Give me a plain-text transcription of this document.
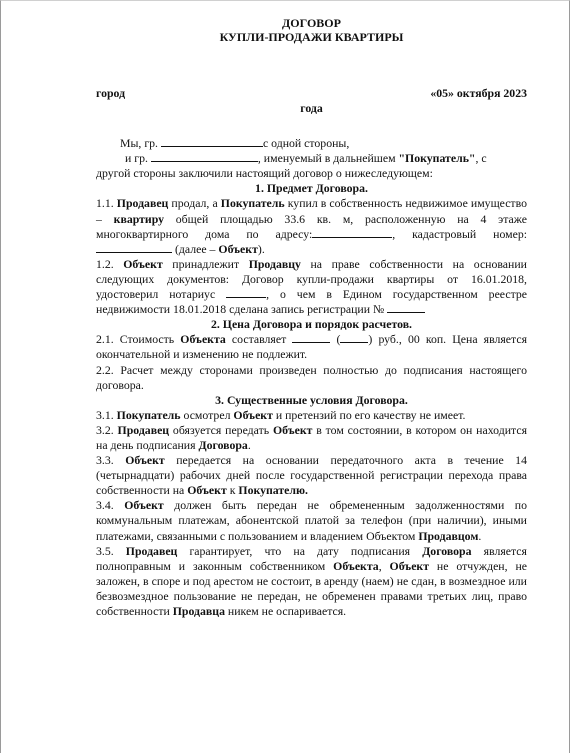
ДОГОВОР

КУПЛИ-ПРОДАЖИ КВАРТИРЫ

город	«05» октября 2023

года

Мы, гр.	с одной стороны,

и гр.	, именуемый в дальнейшем "Покупатель", с

другой стороны заключили настоящий договор о нижеследующем:

1. Предмет Договора.

1.1. Продавец продал, а Покупатель купил в собственность недвижимое имущество – квартиру общей площадью 33.6 кв. м, расположенную на 4 этаже многоквартирного дома по адресу:	, кадастровый номер:  (далее – Объект).

1.2. Объект принадлежит Продавцу на праве собственности на основании следующих документов: Договор купли-продажи квартиры от 16.01.2018, удостоверил нотариус	, о чем в Едином государственном реестре недвижимости 18.01.2018 сделана запись регистрации №

2. Цена Договора и порядок расчетов.

2.1. Стоимость Объекта составляет	( ) руб., 00 коп. Цена является окончательной и изменению не подлежит.

2.2. Расчет между сторонами произведен полностью до подписания настоящего договора.

3. Существенные условия Договора.

3.1. Покупатель осмотрел Объект и претензий по его качеству не имеет.

3.2. Продавец обязуется передать Объект в том состоянии, в котором он находится на день подписания Договора.

3.3. Объект передается на основании передаточного акта в течение 14 (четырнадцати) рабочих дней после государственной регистрации перехода права собственности на Объект к Покупателю.

3.4. Объект должен быть передан не обремененным задолженностями по коммунальным платежам, абонентской платой за телефон (при наличии), иными платежами, связанными с пользованием и владением Объектом Продавцом.

3.5. Продавец гарантирует, что на дату подписания Договора является полноправным и законным собственником Объекта, Объект не отчужден, не заложен, в споре и под арестом не состоит, в аренду (наем) не сдан, в возмездное или безвозмездное пользование не передан, не обременен правами третьих лиц, право собственности Продавца никем не оспаривается.
